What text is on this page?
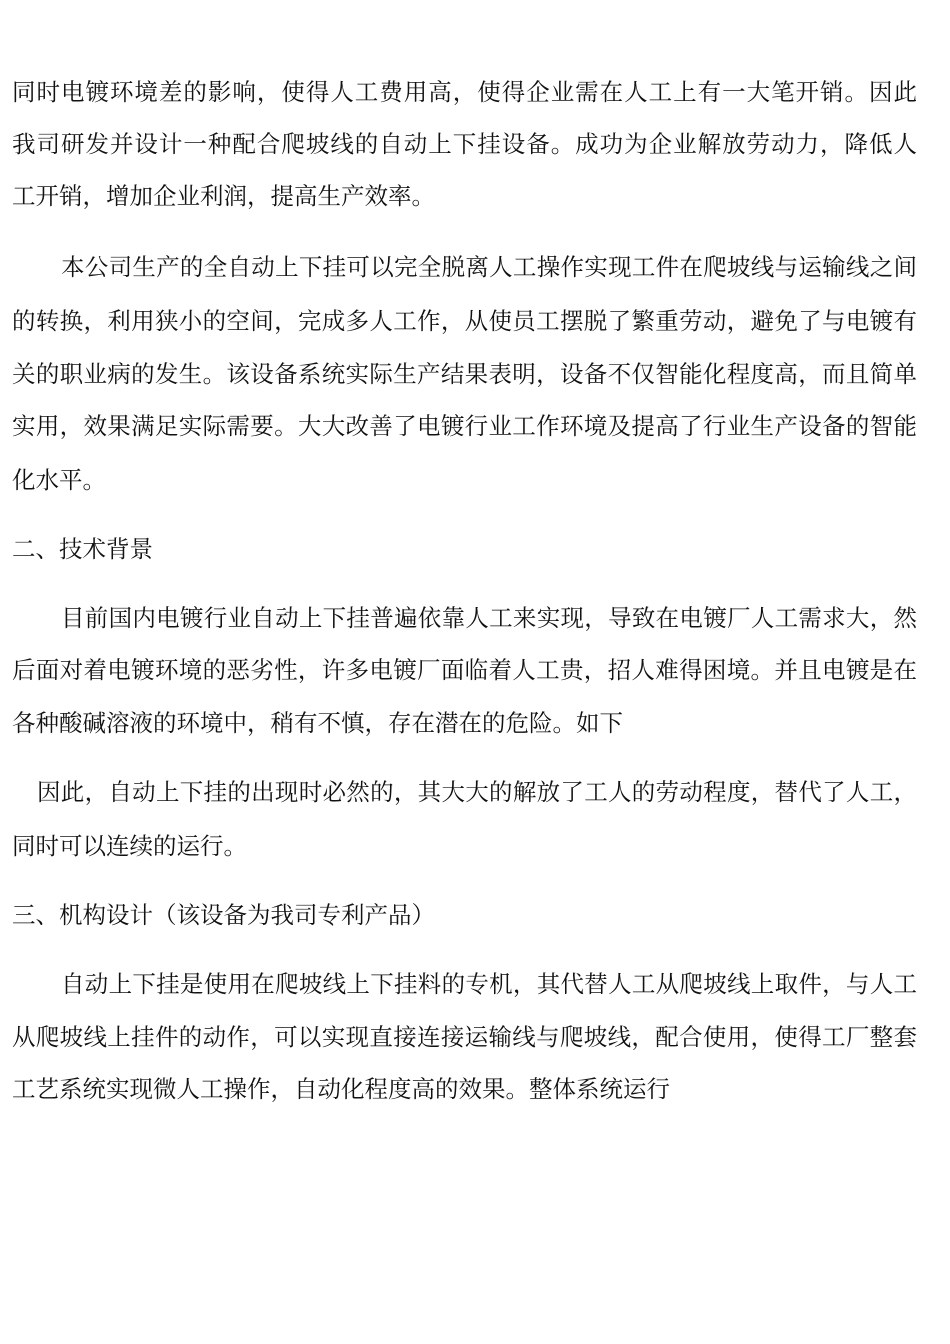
同时电镀环境差的影响，使得人工费用高，使得企业需在人工上有一大笔开销。因此
我司研发并设计一种配合爬坡线的自动上下挂设备。成功为企业解放劳动力，降低人
工开销，增加企业利润，提高生产效率。
本公司生产的全自动上下挂可以完全脱离人工操作实现工件在爬坡线与运输线之间
的转换，利用狭小的空间，完成多人工作，从使员工摆脱了繁重劳动，避免了与电镀有
关的职业病的发生。该设备系统实际生产结果表明，设备不仅智能化程度高，而且简单
实用，效果满足实际需要。大大改善了电镀行业工作环境及提高了行业生产设备的智能
化水平。
二、技术背景
目前国内电镀行业自动上下挂普遍依靠人工来实现，导致在电镀厂人工需求大，然
后面对着电镀环境的恶劣性，许多电镀厂面临着人工贵，招人难得困境。并且电镀是在
各种酸碱溶液的环境中，稍有不慎，存在潜在的危险。如下
因此，自动上下挂的出现时必然的，其大大的解放了工人的劳动程度，替代了人工，
同时可以连续的运行。
三、机构设计（该设备为我司专利产品）
自动上下挂是使用在爬坡线上下挂料的专机，其代替人工从爬坡线上取件，与人工
从爬坡线上挂件的动作，可以实现直接连接运输线与爬坡线，配合使用，使得工厂整套
工艺系统实现微人工操作，自动化程度高的效果。整体系统运行
